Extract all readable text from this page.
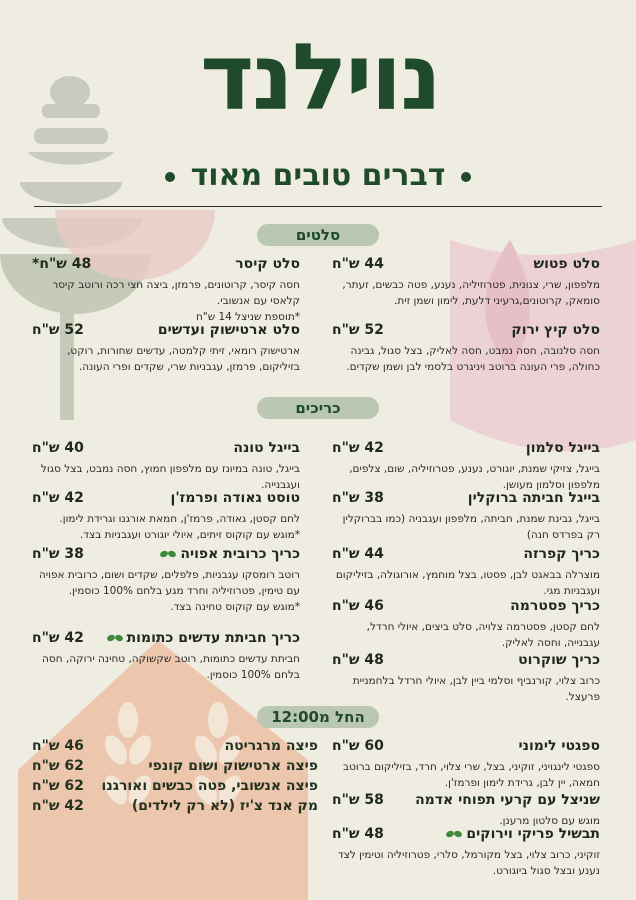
נוילנד
דברים טובים מאוד
סלטים
סלט פטוש
44 ש"ח
מלפפון, שרי, צנונית, פטרוזיליה, נענע, פטה כבשים, זעתר, סומאק, קרוטונים,גרעיני דלעת, לימון ושמן זית.
סלט קיץ ירוק
52 ש"ח
חסה סלנובה, חסה נמבט, חסה לאליק, בצל סגול, גבינה כחולה, פרי העונה ברוטב ויניגרט בלסמי לבן ושמן שקדים.
סלט קיסר
48 ש"ח*
חסה קיסר, קרוטונים, פרמזן, ביצה חצי רכה ורוטב קיסר קלאסי עם אנשובי.
*תוספת שניצל 14 ש"ח
סלט ארטישוק ועדשים
52 ש"ח
ארטישוק רומאי, זיתי קלמטה, עדשים שחורות, רוקט, בזיליקום, פרמזן, עגבניות שרי, שקדים ופרי העונה.
כריכים
בייגל סלמון
42 ש"ח
בייגל, צזיקי שמנת, יוגורט, נענע, פטרוזיליה, שום, צלפים, מלפפון וסלמון מעושן.
בייגל חביתה ברוקלין
38 ש"ח
בייגל, גבינת שמנת, חביתה, מלפפון ועגבניה (כמו בברוקלין רק בפרדס חנה)
כריך קפרזה
44 ש"ח
מוצרלה בבאגט לבן, פסטו, בצל מוחמץ, אורוגולה, בזיליקום ועגבניות מגי.
כריך פסטרמה
46 ש"ח
לחם קסטן, פסטרמה צלויה, סלט ביצים, איולי חרדל, עגבנייה, וחסה לאליק.
כריך שוקרוט
48 ש"ח
כרוב צלוי, קורנביף וסלמי ביין לבן, איולי חרדל בלחמניית פרעצל.
בייגל טונה
40 ש"ח
בייגל, טונה במיונז עם מלפפון חמוץ, חסה נמבט, בצל סגול ועגבנייה.
טוסט גאודה ופרמז'ן
42 ש"ח
לחם קסטן, גאודה, פרמז'ן, חמאת אורגנו וגרידת לימון.
*מוגש עם קוקוס זיתים, איולי יוגורט ועגבניות בצד.
כריך כרובית אפויה
38 ש"ח
רוטב רומסקו עגבניות, פלפלים, שקדים ושום, כרובית אפויה עם טימין, פטרוזיליה וחרד מגע בלחם 100% כוסמין.
*מוגש עם קוקוס טחינה בצד.
כריך חביתת עדשים כתומות
42 ש"ח
חביתת עדשים כתומות, רוטב שקשוקה, טחינה ירוקה, חסה בלחם 100% כוסמין.
החל מ12:00
ספגטי לימוני
60 ש"ח
ספגטי לינגויני, זוקיני, בצל, שרי צלוי, חרד, בזיליקום ברוטב חמאה, יין לבן, גרידת לימון ופרמז'ן.
שניצל עם קרעי תפוחי אדמה
58 ש"ח
מוגש עם סלטון מרענן.
תבשיל פריקי וירוקים
48 ש"ח
זוקיני, כרוב צלוי, בצל מקורמל, סלרי, פטרוזיליה וטימין לצד נענע ובצל סגול ביוגורט.
פיצה מרגריטה
46 ש"ח
פיצה ארטישוק ושום קונפי
62 ש"ח
פיצה אנשובי, פטה כבשים ואורגנו
62 ש"ח
מק אנד צ'יז (לא רק לילדים)
42 ש"ח
